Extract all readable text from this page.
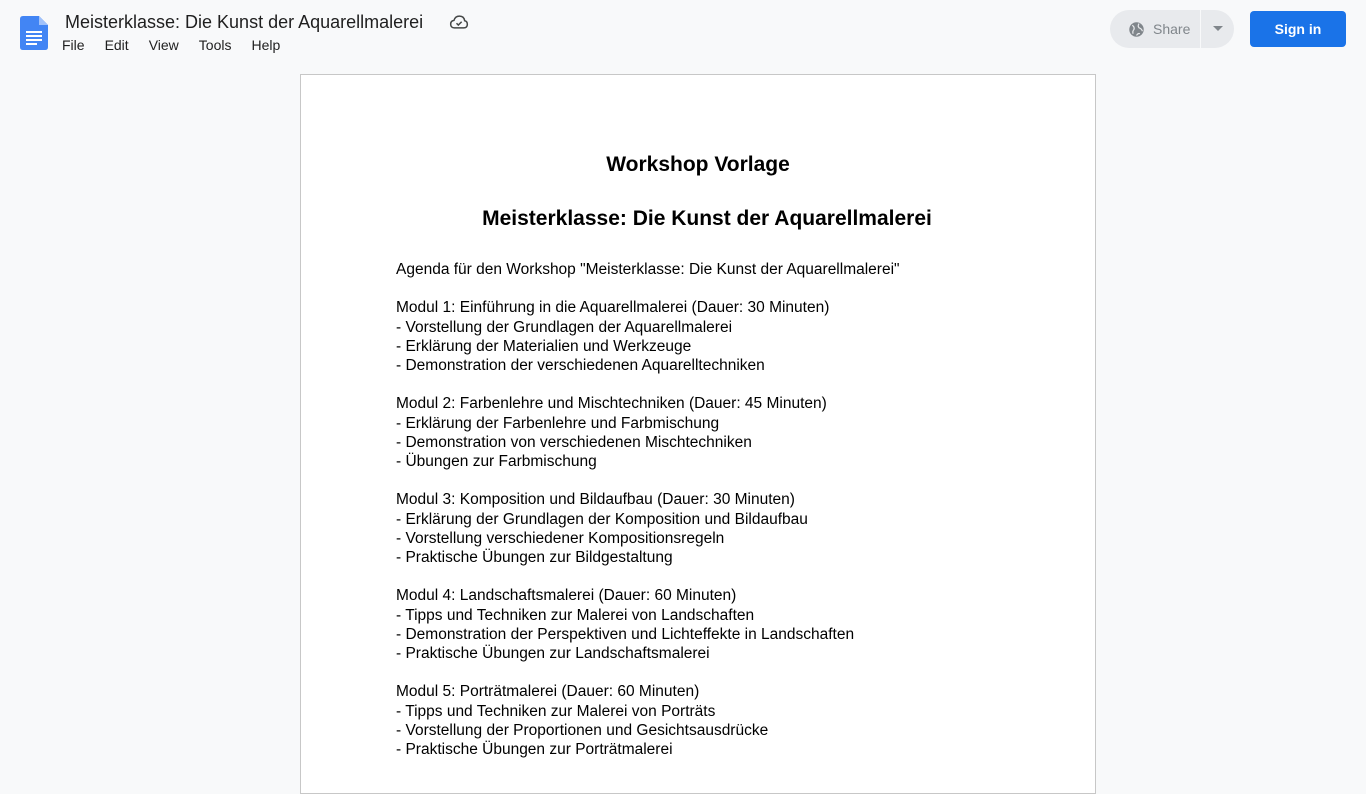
Meisterklasse: Die Kunst der Aquarellmalerei
File Edit View Tools Help
Share	Sign in
Workshop Vorlage
Meisterklasse: Die Kunst der Aquarellmalerei
Agenda für den Workshop "Meisterklasse: Die Kunst der Aquarellmalerei"
Modul 1: Einführung in die Aquarellmalerei (Dauer: 30 Minuten)
- Vorstellung der Grundlagen der Aquarellmalerei
- Erklärung der Materialien und Werkzeuge
- Demonstration der verschiedenen Aquarelltechniken
Modul 2: Farbenlehre und Mischtechniken (Dauer: 45 Minuten)
- Erklärung der Farbenlehre und Farbmischung
- Demonstration von verschiedenen Mischtechniken
- Übungen zur Farbmischung
Modul 3: Komposition und Bildaufbau (Dauer: 30 Minuten)
- Erklärung der Grundlagen der Komposition und Bildaufbau
- Vorstellung verschiedener Kompositionsregeln
- Praktische Übungen zur Bildgestaltung
Modul 4: Landschaftsmalerei (Dauer: 60 Minuten)
- Tipps und Techniken zur Malerei von Landschaften
- Demonstration der Perspektiven und Lichteffekte in Landschaften
- Praktische Übungen zur Landschaftsmalerei
Modul 5: Porträtmalerei (Dauer: 60 Minuten)
- Tipps und Techniken zur Malerei von Porträts
- Vorstellung der Proportionen und Gesichtsausdrücke
- Praktische Übungen zur Porträtmalerei
